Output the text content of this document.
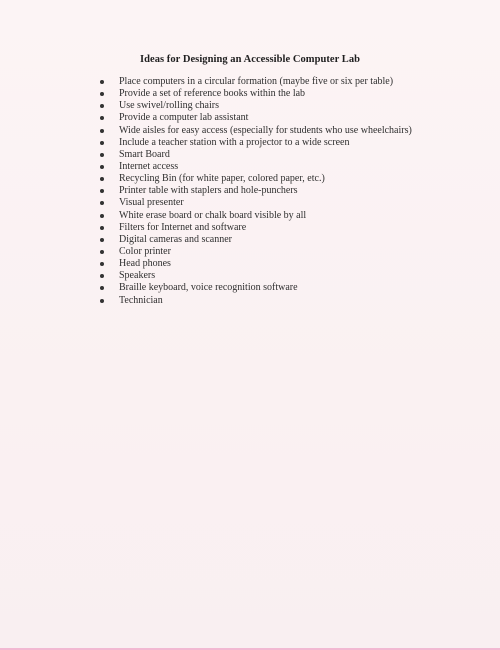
Ideas for Designing an Accessible Computer Lab
Place computers in a circular formation (maybe five or six per table)
Provide a set of reference books within the lab
Use swivel/rolling chairs
Provide a computer lab assistant
Wide aisles for easy access (especially for students who use wheelchairs)
Include a teacher station with a projector to a wide screen
Smart Board
Internet access
Recycling Bin (for white paper, colored paper, etc.)
Printer table with staplers and hole-punchers
Visual presenter
White erase board or chalk board visible by all
Filters for Internet and software
Digital cameras and scanner
Color printer
Head phones
Speakers
Braille keyboard, voice recognition software
Technician
